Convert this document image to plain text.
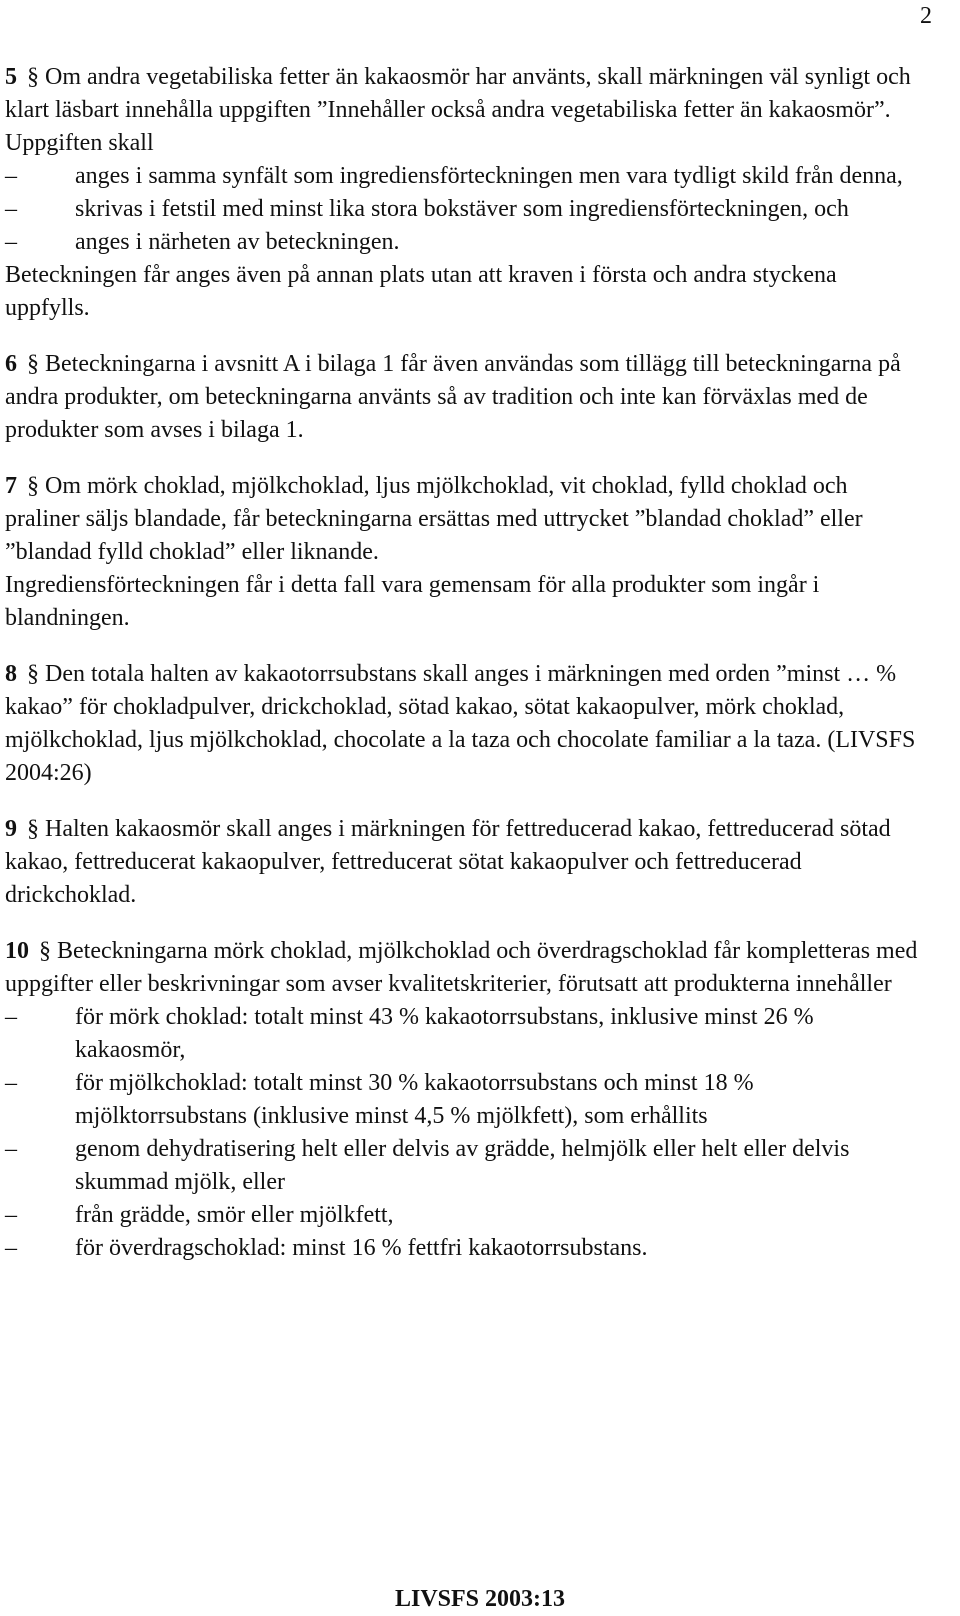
2

5 § Om andra vegetabiliska fetter än kakaosmör har använts, skall märkningen väl synligt och klart läsbart innehålla uppgiften ”Innehåller också andra vegetabiliska fetter än kakaosmör”.

Uppgiften skall

– anges i samma synfält som ingrediensförteckningen men vara tydligt skild från denna,
– skrivas i fetstil med minst lika stora bokstäver som ingrediensförteckningen, och
– anges i närheten av beteckningen.

Beteckningen får anges även på annan plats utan att kraven i första och andra styckena uppfylls.

6 § Beteckningarna i avsnitt A i bilaga 1 får även användas som tillägg till beteckningarna på andra produkter, om beteckningarna använts så av tradition och inte kan förväxlas med de produkter som avses i bilaga 1.

7 § Om mörk choklad, mjölkchoklad, ljus mjölkchoklad, vit choklad, fylld choklad och praliner säljs blandade, får beteckningarna ersättas med uttrycket ”blandad choklad” eller ”blandad fylld choklad” eller liknande.

Ingrediensförteckningen får i detta fall vara gemensam för alla produkter som ingår i blandningen.

8 § Den totala halten av kakaotorrsubstans skall anges i märkningen med orden ”minst … % kakao” för chokladpulver, drickchoklad, sötad kakao, sötat kakaopulver, mörk choklad, mjölkchoklad, ljus mjölkchoklad, chocolate a la taza och chocolate familiar a la taza. (LIVSFS 2004:26)

9 § Halten kakaosmör skall anges i märkningen för fettreducerad kakao, fettreducerad sötad kakao, fettreducerat kakaopulver, fettreducerat sötat kakaopulver och fettreducerad drickchoklad.

10 § Beteckningarna mörk choklad, mjölkchoklad och överdragschoklad får kompletteras med uppgifter eller beskrivningar som avser kvalitetskriterier, förutsatt att produkterna innehåller

– för mörk choklad: totalt minst 43 % kakaotorrsubstans, inklusive minst 26 % kakaosmör,
– för mjölkchoklad: totalt minst 30 % kakaotorrsubstans och minst 18 % mjölktorrsubstans (inklusive minst 4,5 % mjölkfett), som erhållits
– genom dehydratisering helt eller delvis av grädde, helmjölk eller helt eller delvis skummad mjölk, eller
– från grädde, smör eller mjölkfett,
– för överdragschoklad: minst 16 % fettfri kakaotorrsubstans.
LIVSFS 2003:13
